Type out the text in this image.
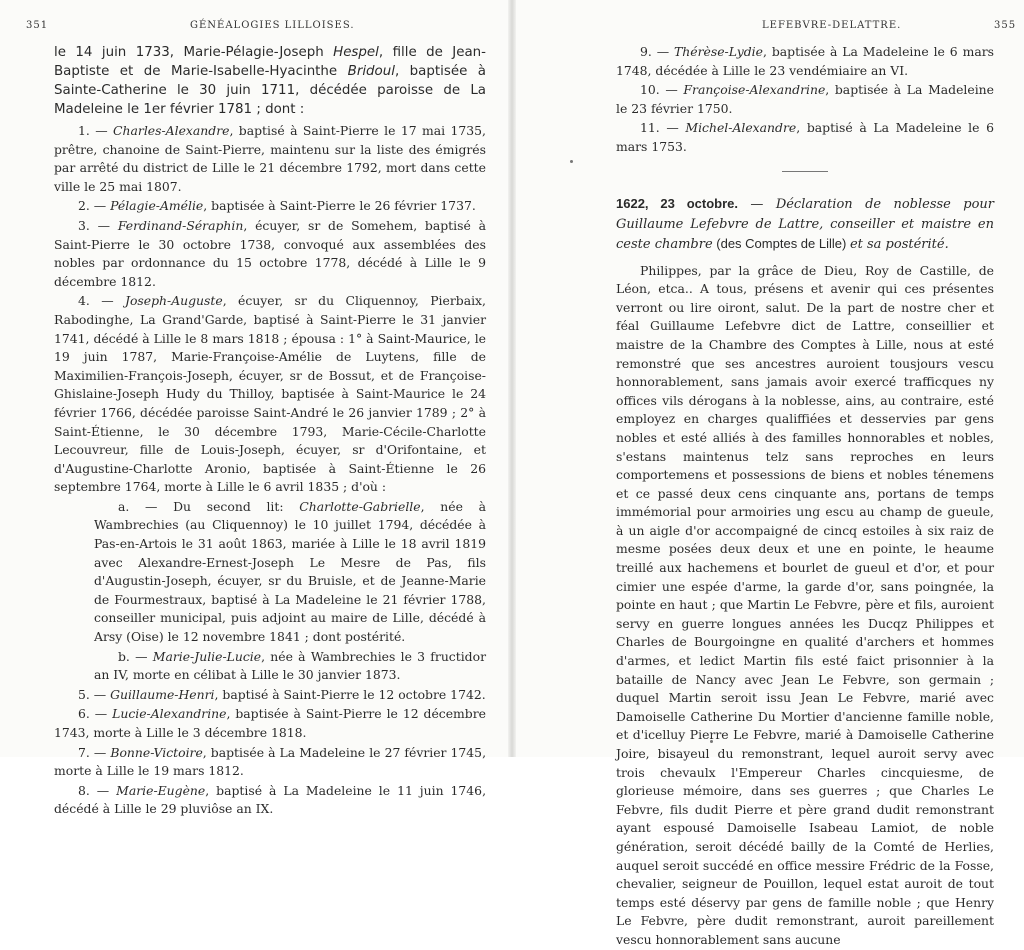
351	GÉNÉALOGIES LILLOISES.

le 14 juin 1733, Marie-Pélagie-Joseph Hespel, fille de Jean-Baptiste et de Marie-Isabelle-Hyacinthe Bridoul, baptisée à Sainte-Catherine le 30 juin 1711, décédée paroisse de La Madeleine le 1er février 1781 ; dont :

1. — Charles-Alexandre, baptisé à Saint-Pierre le 17 mai 1735, prêtre, chanoine de Saint-Pierre, maintenu sur la liste des émigrés par arrêté du district de Lille le 21 décembre 1792, mort dans cette ville le 25 mai 1807.

2. — Pélagie-Amélie, baptisée à Saint-Pierre le 26 février 1737.

3. — Ferdinand-Séraphin, écuyer, sr de Somehem, baptisé à Saint-Pierre le 30 octobre 1738, convoqué aux assemblées des nobles par ordonnance du 15 octobre 1778, décédé à Lille le 9 décembre 1812.

4. — Joseph-Auguste, écuyer, sr du Cliquennoy, Pierbaix, Rabodinghe, La Grand'Garde, baptisé à Saint-Pierre le 31 janvier 1741, décédé à Lille le 8 mars 1818 ; épousa : 1° à Saint-Maurice, le 19 juin 1787, Marie-Françoise-Amélie de Luytens, fille de Maximilien-François-Joseph, écuyer, sr de Bossut, et de Françoise-Ghislaine-Joseph Hudy du Thilloy, baptisée à Saint-Maurice le 24 février 1766, décédée paroisse Saint-André le 26 janvier 1789 ; 2° à Saint-Étienne, le 30 décembre 1793, Marie-Cécile-Charlotte Lecouvreur, fille de Louis-Joseph, écuyer, sr d'Orifontaine, et d'Augustine-Charlotte Aronio, baptisée à Saint-Étienne le 26 septembre 1764, morte à Lille le 6 avril 1835 ; d'où :

a. — Du second lit: Charlotte-Gabrielle, née à Wambrechies (au Cliquennoy) le 10 juillet 1794, décédée à Pas-en-Artois le 31 août 1863, mariée à Lille le 18 avril 1819 avec Alexandre-Ernest-Joseph Le Mesre de Pas, fils d'Augustin-Joseph, écuyer, sr du Bruisle, et de Jeanne-Marie de Fourmestraux, baptisé à La Madeleine le 21 février 1788, conseiller municipal, puis adjoint au maire de Lille, décédé à Arsy (Oise) le 12 novembre 1841 ; dont postérité.

b. — Marie-Julie-Lucie, née à Wambrechies le 3 fructidor an IV, morte en célibat à Lille le 30 janvier 1873.

5. — Guillaume-Henri, baptisé à Saint-Pierre le 12 octobre 1742.

6. — Lucie-Alexandrine, baptisée à Saint-Pierre le 12 décembre 1743, morte à Lille le 3 décembre 1818.

7. — Bonne-Victoire, baptisée à La Madeleine le 27 février 1745, morte à Lille le 19 mars 1812.

8. — Marie-Eugène, baptisé à La Madeleine le 11 juin 1746, décédé à Lille le 29 pluviôse an IX.

LEFEBVRE-DELATTRE.	355

9. — Thérèse-Lydie, baptisée à La Madeleine le 6 mars 1748, décédée à Lille le 23 vendémiaire an VI.

10. — Françoise-Alexandrine, baptisée à La Madeleine le 23 février 1750.

11. — Michel-Alexandre, baptisé à La Madeleine le 6 mars 1753.

1622, 23 octobre. — Déclaration de noblesse pour Guillaume Lefebvre de Lattre, conseiller et maistre en ceste chambre (des Comptes de Lille) et sa postérité.

Philippes, par la grâce de Dieu, Roy de Castille, de Léon, etca.. A tous, présens et avenir qui ces présentes verront ou lire oiront, salut. De la part de nostre cher et féal Guillaume Lefebvre dict de Lattre, conseillier et maistre de la Chambre des Comptes à Lille, nous at esté remonstré que ses ancestres auroient tousjours vescu honnorablement, sans jamais avoir exercé trafficques ny offices vils dérogans à la noblesse, ains, au contraire, esté employez en charges qualiffiées et desservies par gens nobles et esté alliés à des familles honnorables et nobles, s'estans maintenus telz sans reproches en leurs comportemens et possessions de biens et nobles ténemens et ce passé deux cens cinquante ans, portans de temps immémorial pour armoiries ung escu au champ de gueule, à un aigle d'or accompaigné de cincq estoiles à six raiz de mesme posées deux deux et une en pointe, le heaume treillé aux hachemens et bourlet de gueul et d'or, et pour cimier une espée d'arme, la garde d'or, sans poingnée, la pointe en haut ; que Martin Le Febvre, père et fils, auroient servy en guerre longues années les Ducqz Philippes et Charles de Bourgoingne en qualité d'archers et hommes d'armes, et ledict Martin fils esté faict prisonnier à la bataille de Nancy avec Jean Le Febvre, son germain ; duquel Martin seroit issu Jean Le Febvre, marié avec Damoiselle Catherine Du Mortier d'ancienne famille noble, et d'icelluy Pierre Le Febvre, marié à Damoiselle Catherine Joire, bisayeul du remonstrant, lequel auroit servy avec trois chevaulx l'Empereur Charles cincquiesme, de glorieuse mémoire, dans ses guerres ; que Charles Le Febvre, fils dudit Pierre et père grand dudit remonstrant ayant espousé Damoiselle Isabeau Lamiot, de noble génération, seroit décédé bailly de la Comté de Herlies, auquel seroit succédé en office messire Frédric de la Fosse, chevalier, seigneur de Pouillon, lequel estat auroit de tout temps esté déservy par gens de famille noble ; que Henry Le Febvre, père dudit remonstrant, auroit pareillement vescu honnorablement sans aucune
